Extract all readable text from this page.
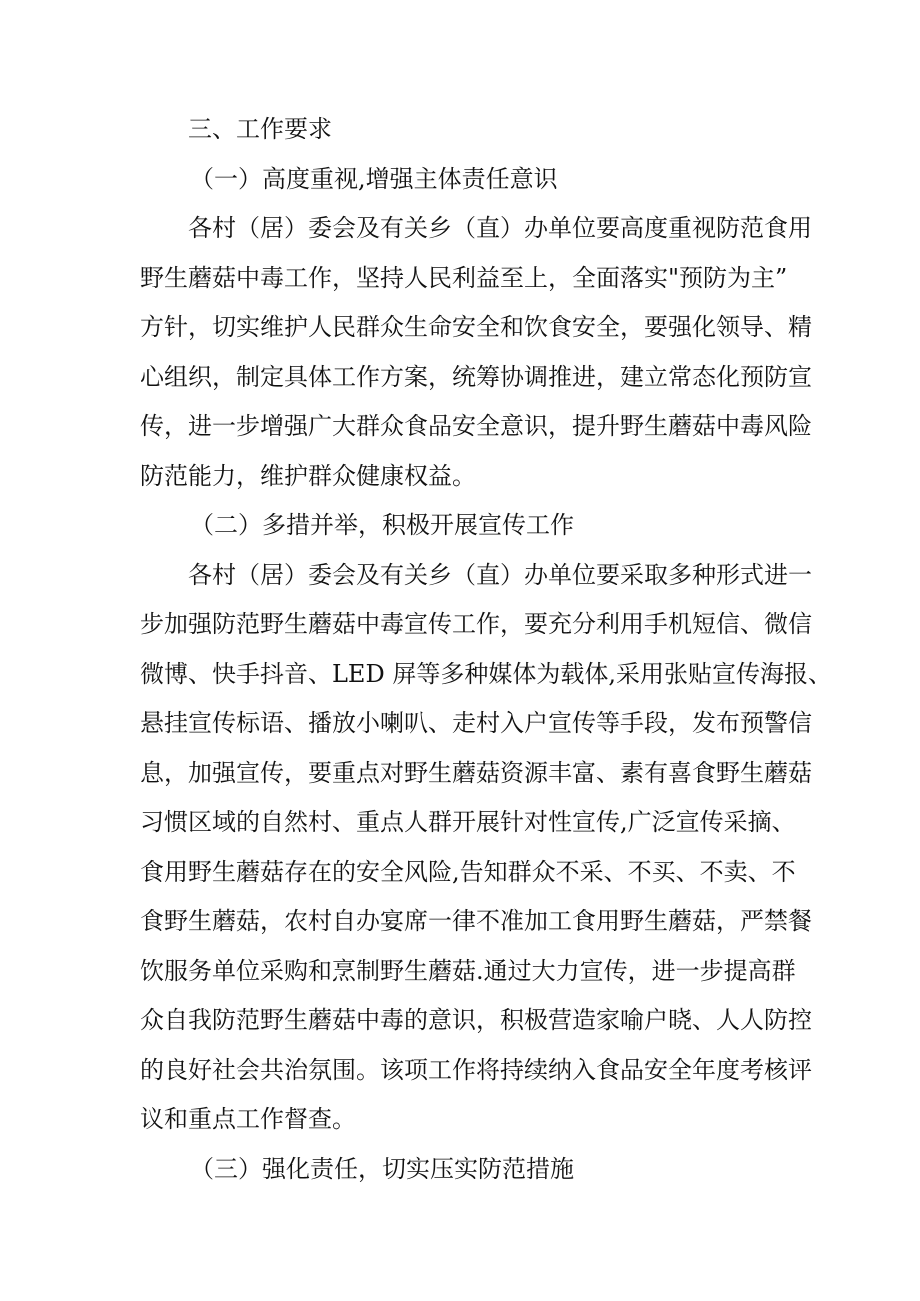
三、工作要求
（一）高度重视,增强主体责任意识
各村（居）委会及有关乡（直）办单位要高度重视防范食用
野生蘑菇中毒工作，坚持人民利益至上，全面落实"预防为主”
方针，切实维护人民群众生命安全和饮食安全，要强化领导、精
心组织，制定具体工作方案，统筹协调推进，建立常态化预防宣
传，进一步增强广大群众食品安全意识，提升野生蘑菇中毒风险
防范能力，维护群众健康权益。
（二）多措并举，积极开展宣传工作
各村（居）委会及有关乡（直）办单位要采取多种形式进一
步加强防范野生蘑菇中毒宣传工作，要充分利用手机短信、微信
微博、快手抖音、LED 屏等多种媒体为载体,采用张贴宣传海报、
悬挂宣传标语、播放小喇叭、走村入户宣传等手段，发布预警信
息，加强宣传，要重点对野生蘑菇资源丰富、素有喜食野生蘑菇
习惯区域的自然村、重点人群开展针对性宣传,广泛宣传采摘、
食用野生蘑菇存在的安全风险,告知群众不采、不买、不卖、不
食野生蘑菇，农村自办宴席一律不准加工食用野生蘑菇，严禁餐
饮服务单位采购和烹制野生蘑菇.通过大力宣传，进一步提高群
众自我防范野生蘑菇中毒的意识，积极营造家喻户晓、人人防控
的良好社会共治氛围。该项工作将持续纳入食品安全年度考核评
议和重点工作督查。
（三）强化责任，切实压实防范措施
